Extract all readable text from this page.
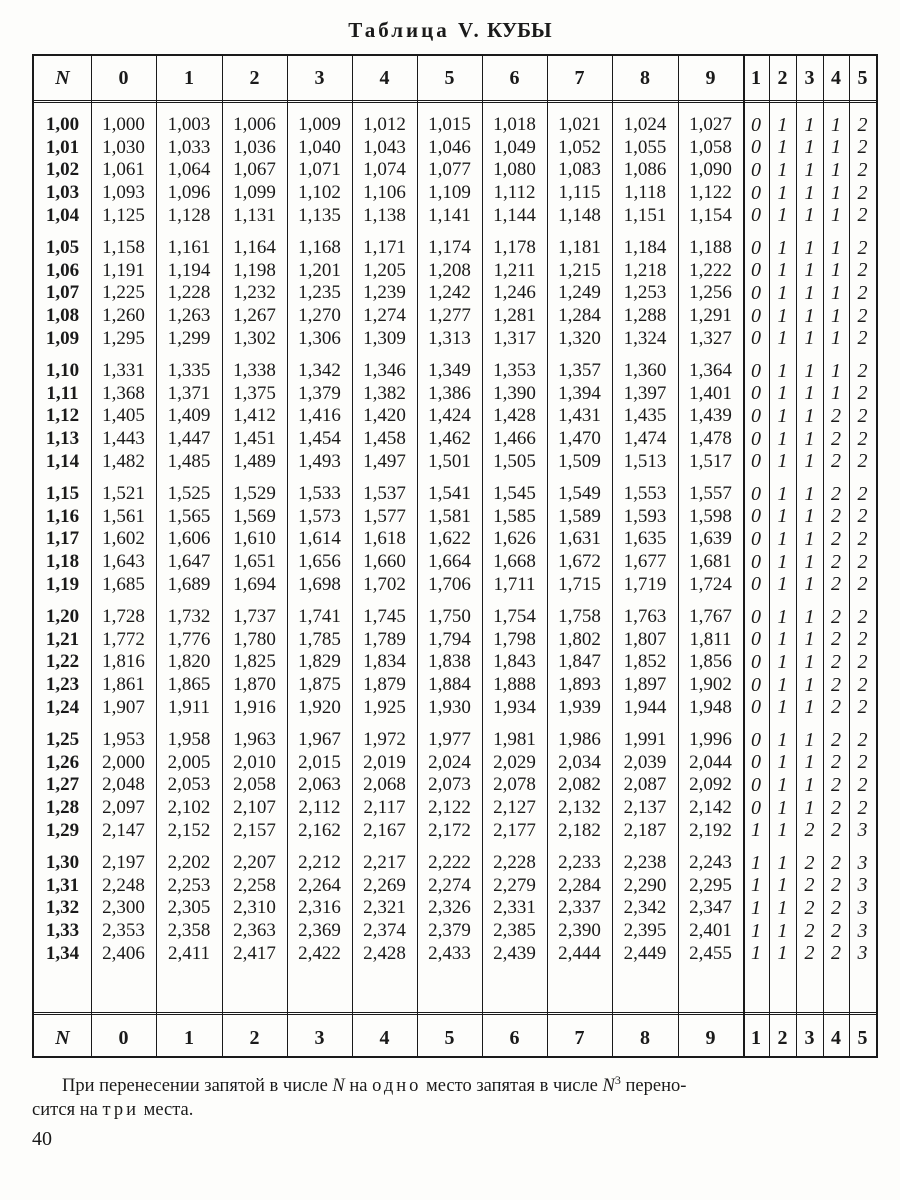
Таблица V. КУБЫ
N	0	1	2	3	4	5	6	7	8	9	1 2 3 4 5
N	0	1	2	3	4	5	6	7	8	9	1 2 3 4 5
1,00	1,000	1,003	1,006	1,009	1,012	1,015	1,018	1,021	1,024	1,027 0 1 1 1 2
1,01	1,030	1,033	1,036	1,040	1,043	1,046	1,049	1,052	1,055	1,058 0 1 1 1 2
1,02	1,061	1,064	1,067	1,071	1,074	1,077	1,080	1,083	1,086	1,090 0 1 1 1 2
1,03	1,093	1,096	1,099	1,102	1,106	1,109	1,112	1,115	1,118	1,122 0 1 1 1 2
1,04	1,125	1,128	1,131	1,135	1,138	1,141	1,144	1,148	1,151	1,154 0 1 1 1 2
1,05	1,158	1,161	1,164	1,168	1,171	1,174	1,178	1,181	1,184	1,188 0 1 1 1 2
1,06	1,191	1,194	1,198	1,201	1,205	1,208	1,211	1,215	1,218	1,222 0 1 1 1 2
1,07	1,225	1,228	1,232	1,235	1,239	1,242	1,246	1,249	1,253	1,256 0 1 1 1 2
1,08	1,260	1,263	1,267	1,270	1,274	1,277	1,281	1,284	1,288	1,291 0 1 1 1 2
1,09	1,295	1,299	1,302	1,306	1,309	1,313	1,317	1,320	1,324	1,327 0 1 1 1 2
1,10	1,331	1,335	1,338	1,342	1,346	1,349	1,353	1,357	1,360	1,364 0 1 1 1 2
1,11	1,368	1,371	1,375	1,379	1,382	1,386	1,390	1,394	1,397	1,401 0 1 1 1 2
1,12	1,405	1,409	1,412	1,416	1,420	1,424	1,428	1,431	1,435	1,439 0 1 1 2 2
1,13	1,443	1,447	1,451	1,454	1,458	1,462	1,466	1,470	1,474	1,478 0 1 1 2 2
1,14	1,482	1,485	1,489	1,493	1,497	1,501	1,505	1,509	1,513	1,517 0 1 1 2 2
1,15	1,521	1,525	1,529	1,533	1,537	1,541	1,545	1,549	1,553	1,557 0 1 1 2 2
1,16	1,561	1,565	1,569	1,573	1,577	1,581	1,585	1,589	1,593	1,598 0 1 1 2 2
1,17	1,602	1,606	1,610	1,614	1,618	1,622	1,626	1,631	1,635	1,639 0 1 1 2 2
1,18	1,643	1,647	1,651	1,656	1,660	1,664	1,668	1,672	1,677	1,681 0 1 1 2 2
1,19	1,685	1,689	1,694	1,698	1,702	1,706	1,711	1,715	1,719	1,724 0 1 1 2 2
1,20	1,728	1,732	1,737	1,741	1,745	1,750	1,754	1,758	1,763	1,767 0 1 1 2 2
1,21	1,772	1,776	1,780	1,785	1,789	1,794	1,798	1,802	1,807	1,811 0 1 1 2 2
1,22	1,816	1,820	1,825	1,829	1,834	1,838	1,843	1,847	1,852	1,856 0 1 1 2 2
1,23	1,861	1,865	1,870	1,875	1,879	1,884	1,888	1,893	1,897	1,902 0 1 1 2 2
1,24	1,907	1,911	1,916	1,920	1,925	1,930	1,934	1,939	1,944	1,948 0 1 1 2 2
1,25	1,953	1,958	1,963	1,967	1,972	1,977	1,981	1,986	1,991	1,996 0 1 1 2 2
1,26	2,000	2,005	2,010	2,015	2,019	2,024	2,029	2,034	2,039	2,044 0 1 1 2 2
1,27	2,048	2,053	2,058	2,063	2,068	2,073	2,078	2,082	2,087	2,092 0 1 1 2 2
1,28	2,097	2,102	2,107	2,112	2,117	2,122	2,127	2,132	2,137	2,142 0 1 1 2 2
1,29	2,147	2,152	2,157	2,162	2,167	2,172	2,177	2,182	2,187	2,192 1 1 2 2 3
1,30	2,197	2,202	2,207	2,212	2,217	2,222	2,228	2,233	2,238	2,243 1 1 2 2 3
1,31	2,248	2,253	2,258	2,264	2,269	2,274	2,279	2,284	2,290	2,295 1 1 2 2 3
1,32	2,300	2,305	2,310	2,316	2,321	2,326	2,331	2,337	2,342	2,347 1 1 2 2 3
1,33	2,353	2,358	2,363	2,369	2,374	2,379	2,385	2,390	2,395	2,401 1 1 2 2 3
1,34	2,406	2,411	2,417	2,422	2,428	2,433	2,439	2,444	2,449	2,455 1 1 2 2 3
При перенесении запятой в числе N на одно место запятая в числе $N^3$ перено-
сится на три места.
40
